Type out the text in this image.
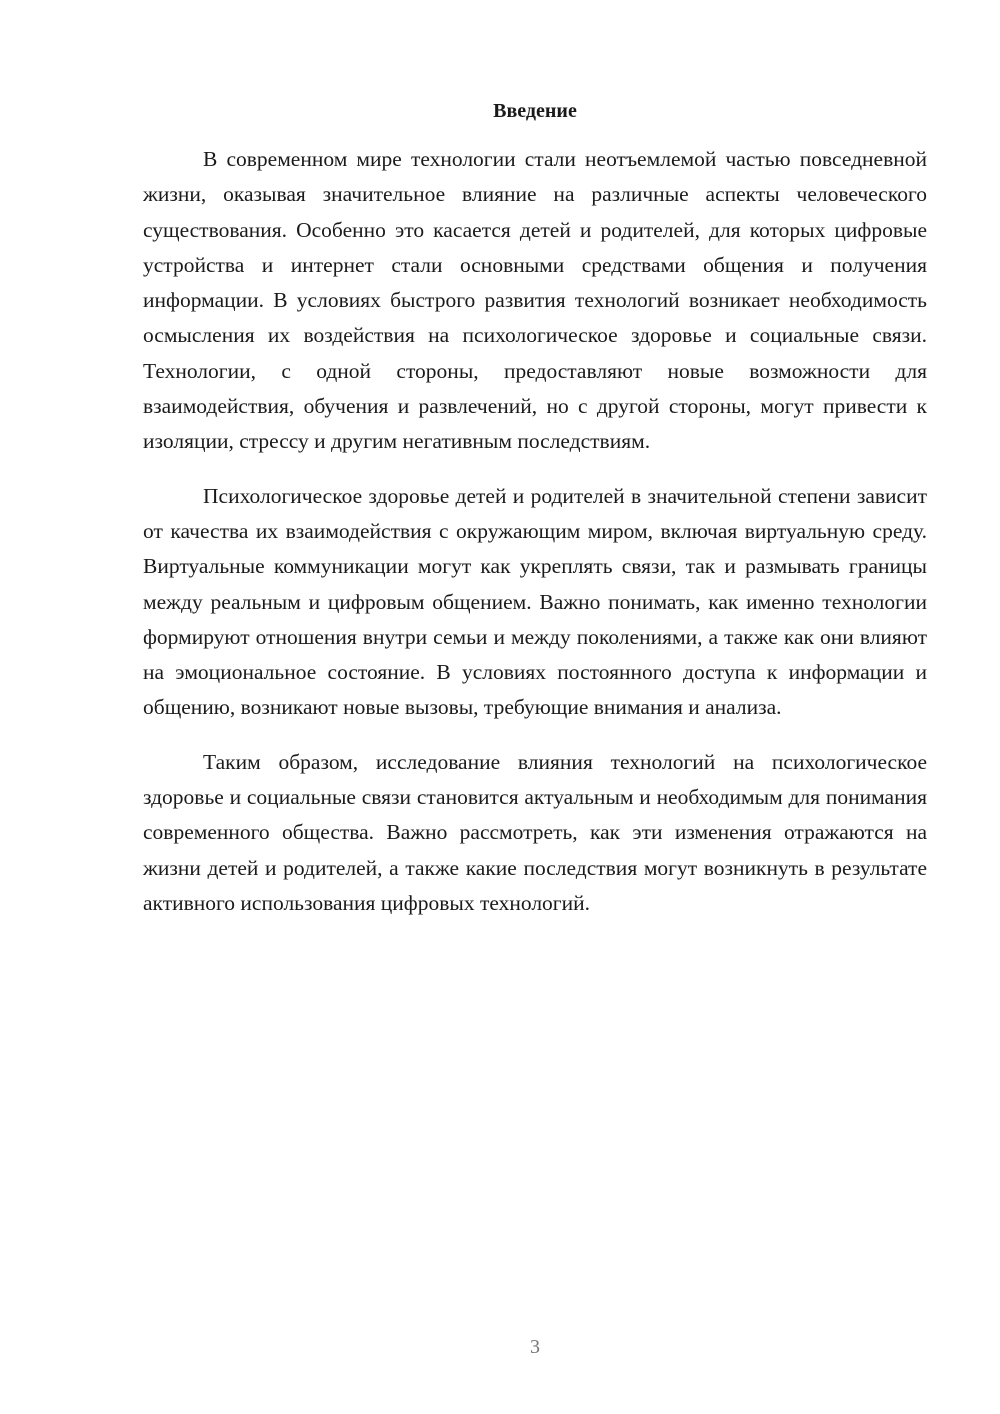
Введение

В современном мире технологии стали неотъемлемой частью повседневной жизни, оказывая значительное влияние на различные аспекты человеческого существования. Особенно это касается детей и родителей, для которых цифровые устройства и интернет стали основными средствами общения и получения информации. В условиях быстрого развития технологий возникает необходимость осмысления их воздействия на психологическое здоровье и социальные связи. Технологии, с одной стороны, предоставляют новые возможности для взаимодействия, обучения и развлечений, но с другой стороны, могут привести к изоляции, стрессу и другим негативным последствиям.

Психологическое здоровье детей и родителей в значительной степени зависит от качества их взаимодействия с окружающим миром, включая виртуальную среду. Виртуальные коммуникации могут как укреплять связи, так и размывать границы между реальным и цифровым общением. Важно понимать, как именно технологии формируют отношения внутри семьи и между поколениями, а также как они влияют на эмоциональное состояние. В условиях постоянного доступа к информации и общению, возникают новые вызовы, требующие внимания и анализа.

Таким образом, исследование влияния технологий на психологическое здоровье и социальные связи становится актуальным и необходимым для понимания современного общества. Важно рассмотреть, как эти изменения отражаются на жизни детей и родителей, а также какие последствия могут возникнуть в результате активного использования цифровых технологий.

3
